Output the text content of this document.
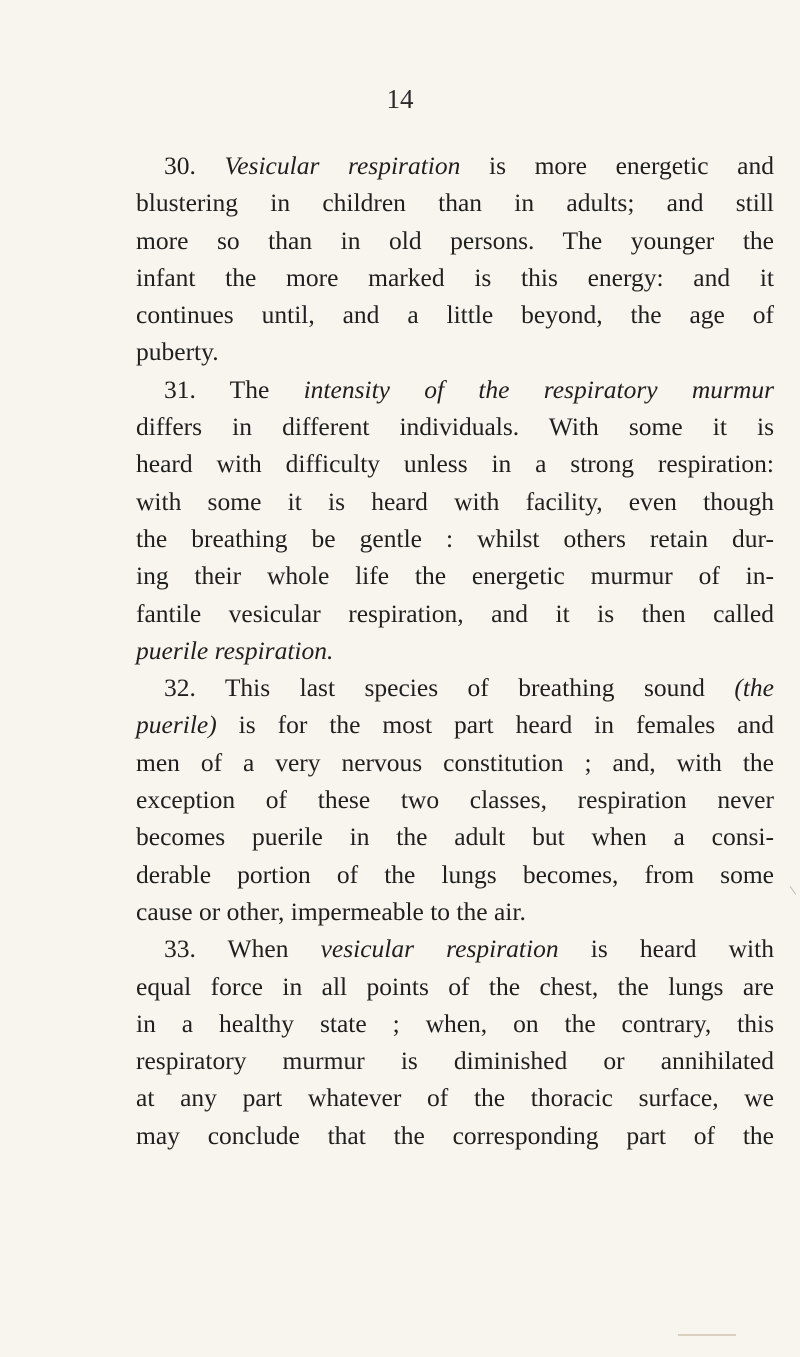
14
30. Vesicular respiration is more energetic and
blustering in children than in adults; and still
more so than in old persons. The younger the
infant the more marked is this energy: and it
continues until, and a little beyond, the age of
puberty.
31. The intensity of the respiratory murmur
differs in different individuals. With some it is
heard with difficulty unless in a strong respiration:
with some it is heard with facility, even though
the breathing be gentle : whilst others retain dur-
ing their whole life the energetic murmur of in-
fantile vesicular respiration, and it is then called
puerile respiration.
32. This last species of breathing sound (the
puerile) is for the most part heard in females and
men of a very nervous constitution ; and, with the
exception of these two classes, respiration never
becomes puerile in the adult but when a consi-
derable portion of the lungs becomes, from some
cause or other, impermeable to the air.
33. When vesicular respiration is heard with
equal force in all points of the chest, the lungs are
in a healthy state ; when, on the contrary, this
respiratory murmur is diminished or annihilated
at any part whatever of the thoracic surface, we
may conclude that the corresponding part of the
